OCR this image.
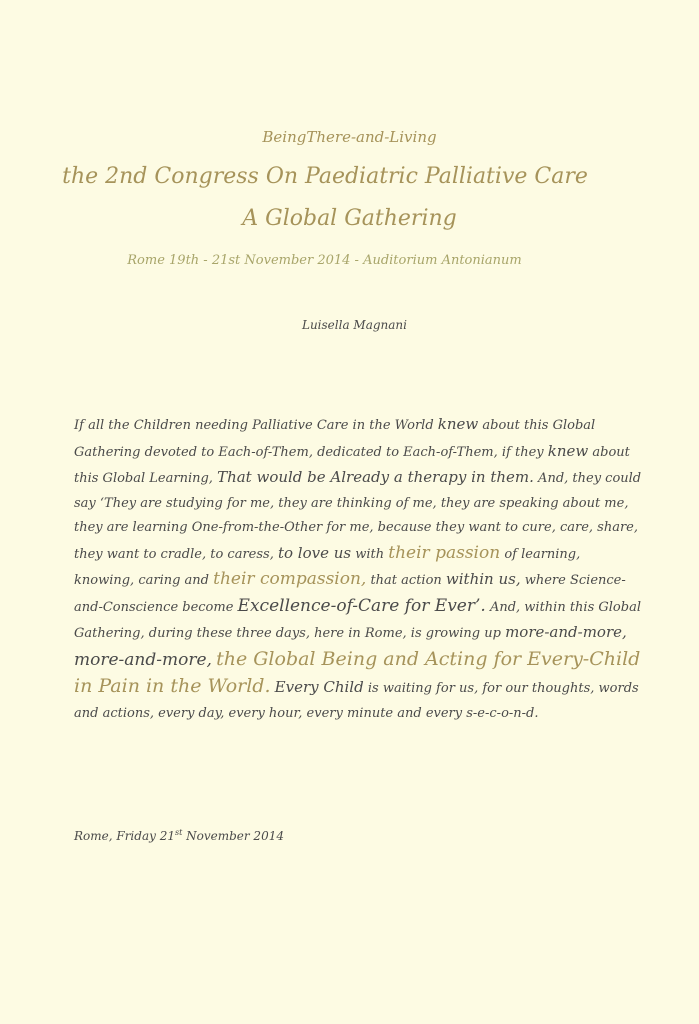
BeingThere-and-Living
the 2nd Congress On Paediatric Palliative Care
A Global Gathering
Rome 19th - 21st November 2014 - Auditorium Antonianum
Luisella Magnani
If all the Children needing Palliative Care in the World knew about this Global Gathering devoted to Each-of-Them, dedicated to Each-of-Them, if they knew about this Global Learning, That would be Already a therapy in them. And, they could say ‘They are studying for me, they are thinking of me, they are speaking about me, they are learning One-from-the-Other for me, because they want to cure, care, share, they want to cradle, to caress, to love us with their passion of learning, knowing, caring and their compassion, that action within us, where Science-and-Conscience become Excellence-of-Care for Ever’. And, within this Global Gathering, during these three days, here in Rome, is growing up more-and-more, more-and-more, the Global Being and Acting for Every-Child in Pain in the World. Every Child is waiting for us, for our thoughts, words and actions, every day, every hour, every minute and every s-e-c-o-n-d.
Rome, Friday 21st November 2014
